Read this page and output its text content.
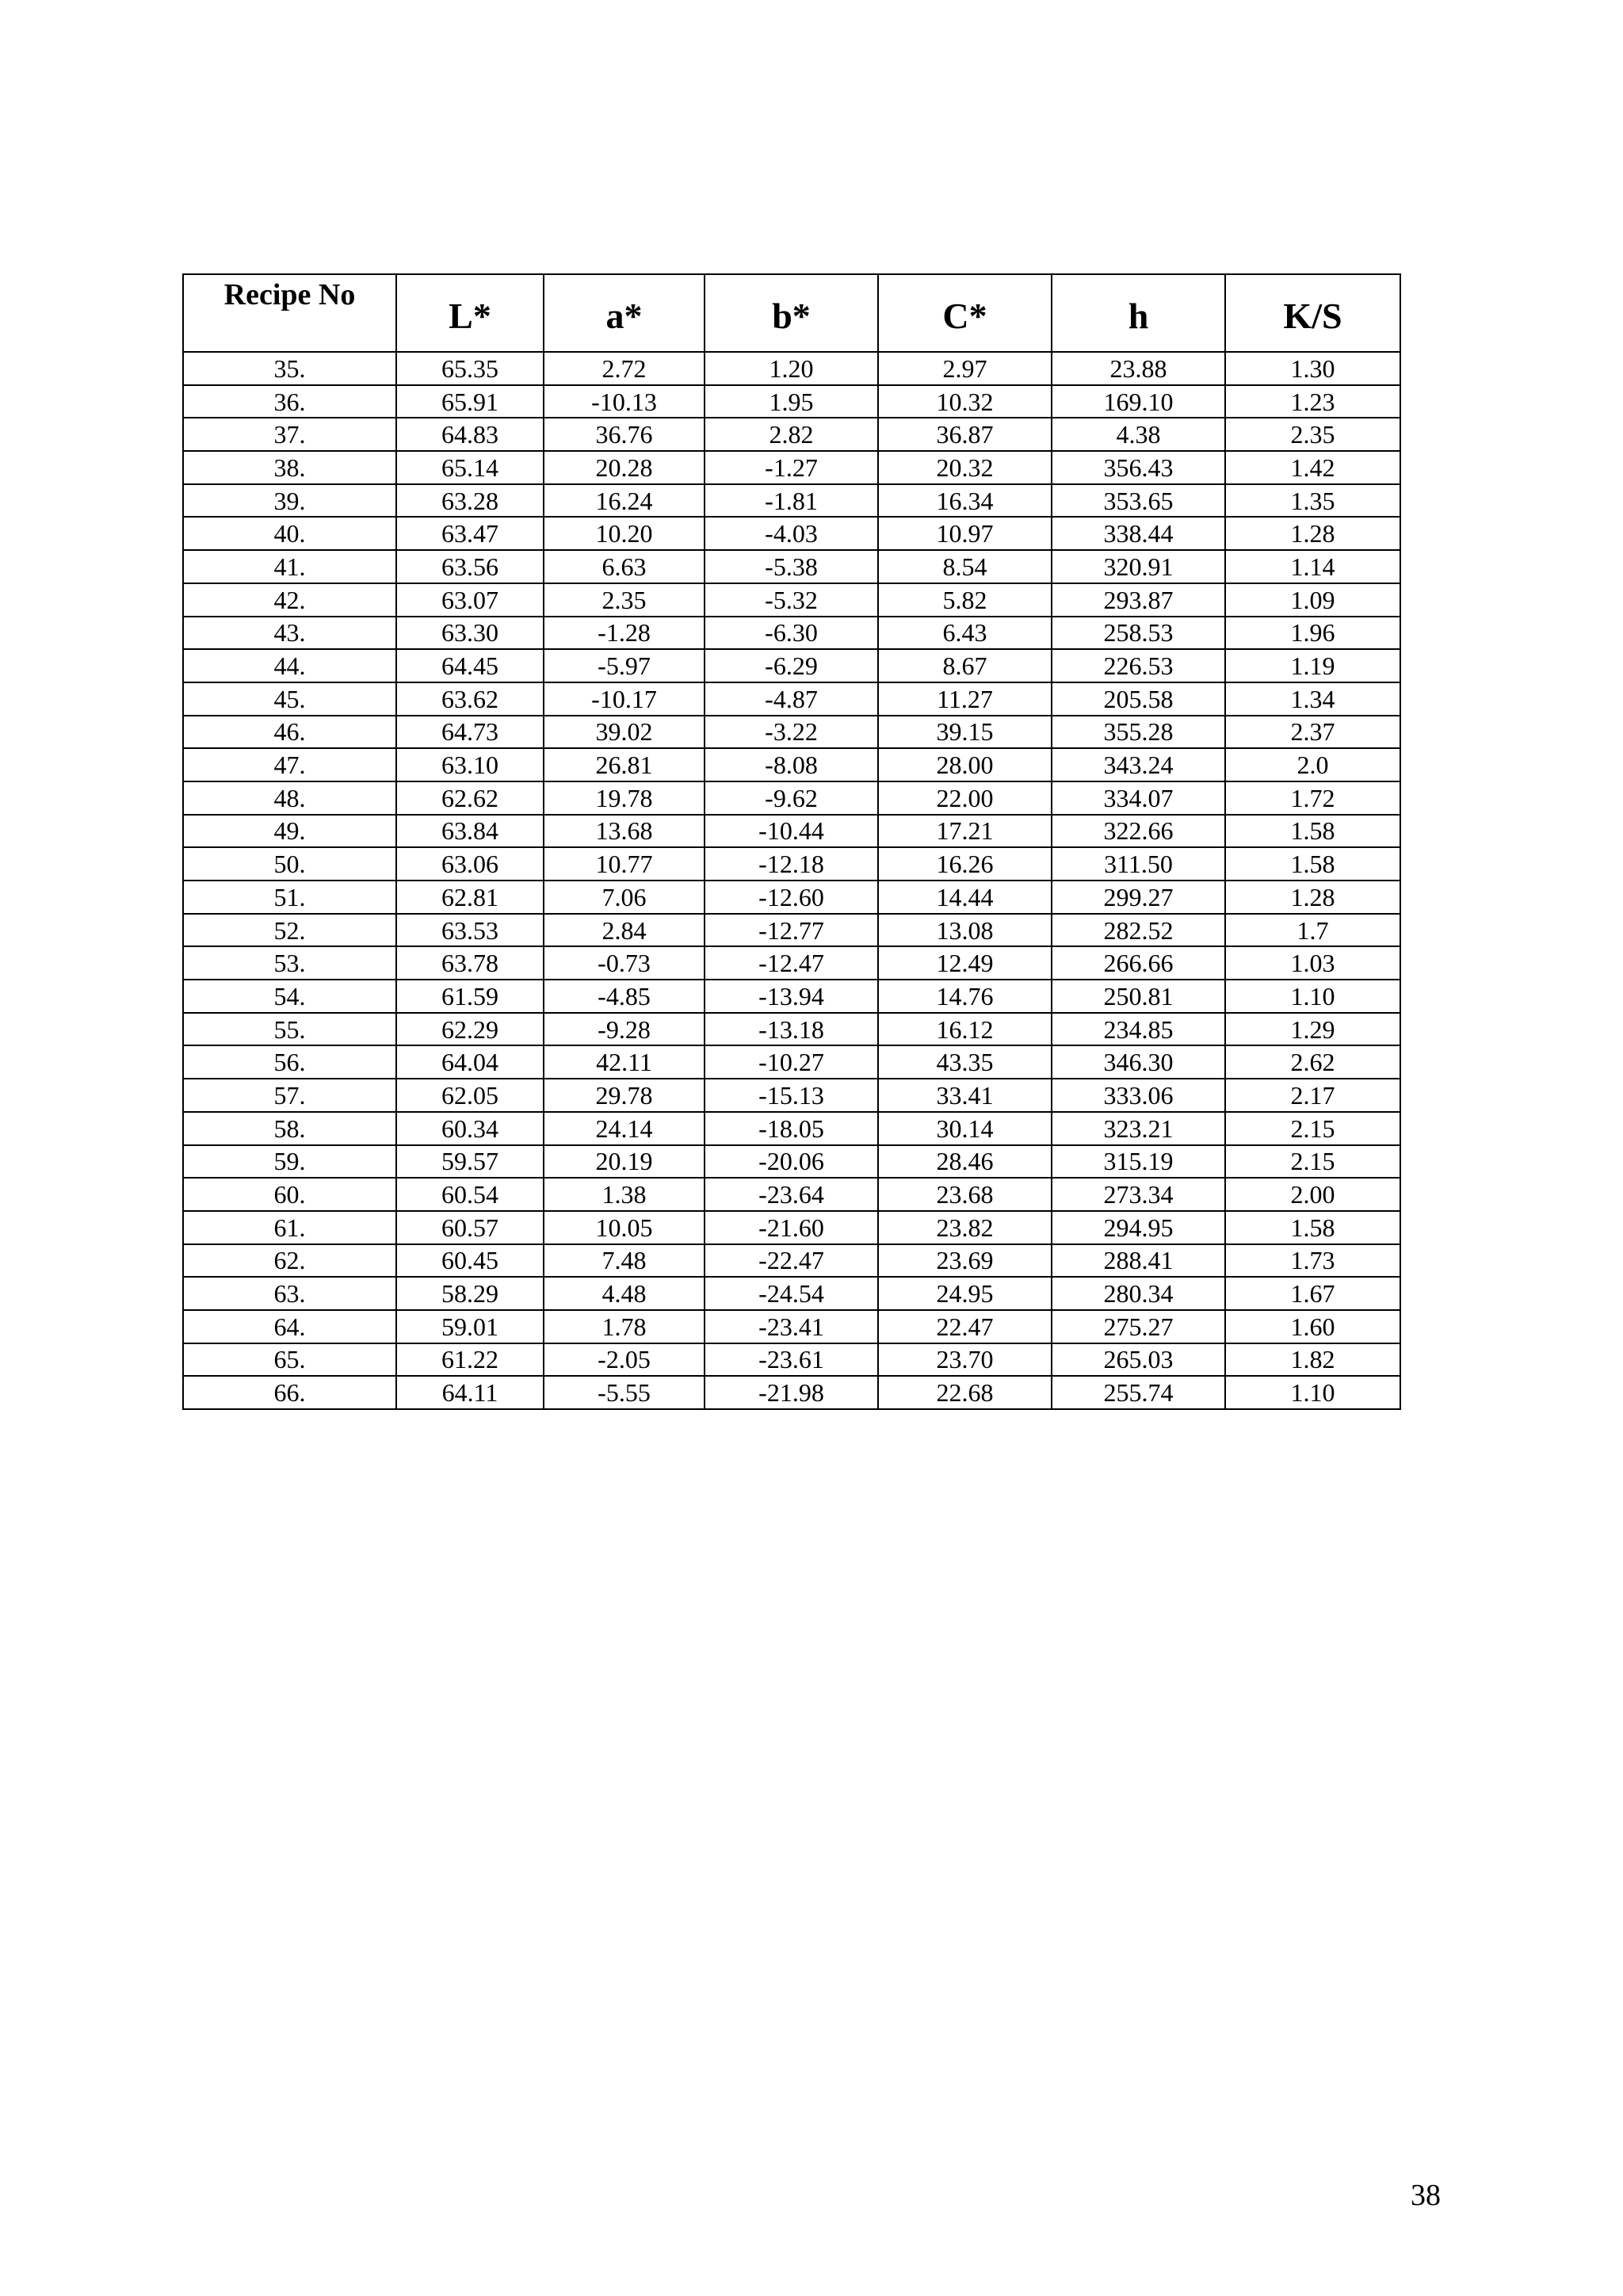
Recipe No	L*	a*	b*	C*	h	K/S
35.	65.35	2.72	1.20	2.97	23.88	1.30
36.	65.91	-10.13	1.95	10.32	169.10	1.23
37.	64.83	36.76	2.82	36.87	4.38	2.35
38.	65.14	20.28	-1.27	20.32	356.43	1.42
39.	63.28	16.24	-1.81	16.34	353.65	1.35
40.	63.47	10.20	-4.03	10.97	338.44	1.28
41.	63.56	6.63	-5.38	8.54	320.91	1.14
42.	63.07	2.35	-5.32	5.82	293.87	1.09
43.	63.30	-1.28	-6.30	6.43	258.53	1.96
44.	64.45	-5.97	-6.29	8.67	226.53	1.19
45.	63.62	-10.17	-4.87	11.27	205.58	1.34
46.	64.73	39.02	-3.22	39.15	355.28	2.37
47.	63.10	26.81	-8.08	28.00	343.24	2.0
48.	62.62	19.78	-9.62	22.00	334.07	1.72
49.	63.84	13.68	-10.44	17.21	322.66	1.58
50.	63.06	10.77	-12.18	16.26	311.50	1.58
51.	62.81	7.06	-12.60	14.44	299.27	1.28
52.	63.53	2.84	-12.77	13.08	282.52	1.7
53.	63.78	-0.73	-12.47	12.49	266.66	1.03
54.	61.59	-4.85	-13.94	14.76	250.81	1.10
55.	62.29	-9.28	-13.18	16.12	234.85	1.29
56.	64.04	42.11	-10.27	43.35	346.30	2.62
57.	62.05	29.78	-15.13	33.41	333.06	2.17
58.	60.34	24.14	-18.05	30.14	323.21	2.15
59.	59.57	20.19	-20.06	28.46	315.19	2.15
60.	60.54	1.38	-23.64	23.68	273.34	2.00
61.	60.57	10.05	-21.60	23.82	294.95	1.58
62.	60.45	7.48	-22.47	23.69	288.41	1.73
63.	58.29	4.48	-24.54	24.95	280.34	1.67
64.	59.01	1.78	-23.41	22.47	275.27	1.60
65.	61.22	-2.05	-23.61	23.70	265.03	1.82
66.	64.11	-5.55	-21.98	22.68	255.74	1.10
38
